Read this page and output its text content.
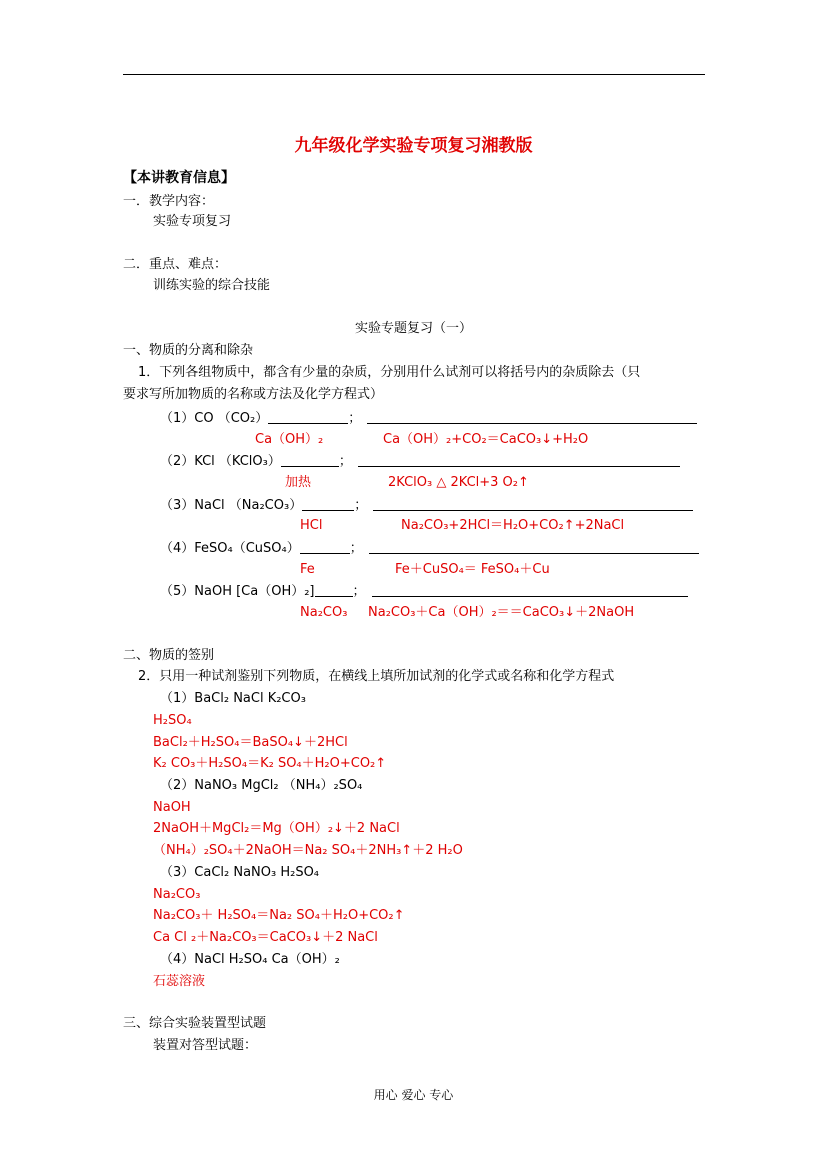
九年级化学实验专项复习湘教版
【本讲教育信息】
一．教学内容：
实验专项复习
二．重点、难点：
训练实验的综合技能
实验专题复习（一）
一、物质的分离和除杂
1．下列各组物质中，都含有少量的杂质，分别用什么试剂可以将括号内的杂质除去（只
要求写所加物质的名称或方法及化学方程式）
（1）CO （CO₂）	；
Ca（OH）₂	Ca（OH）₂+CO₂＝CaCO₃↓+H₂O
（2）KCl （KClO₃）	；
加热	2KClO₃ △ 2KCl+3 O₂↑
（3）NaCl （Na₂CO₃）	；
HCl	Na₂CO₃+2HCl＝H₂O+CO₂↑+2NaCl
（4）FeSO₄（CuSO₄）	；
Fe	Fe＋CuSO₄＝ FeSO₄＋Cu
（5）NaOH [Ca（OH）₂]	；
Na₂CO₃ Na₂CO₃＋Ca（OH）₂＝＝CaCO₃↓＋2NaOH
二、物质的签别
2．只用一种试剂鉴别下列物质，在横线上填所加试剂的化学式或名称和化学方程式
（1）BaCl₂ NaCl K₂CO₃
H₂SO₄
BaCl₂＋H₂SO₄＝BaSO₄↓＋2HCl
K₂ CO₃＋H₂SO₄＝K₂ SO₄＋H₂O+CO₂↑
（2）NaNO₃ MgCl₂ （NH₄）₂SO₄
NaOH
2NaOH＋MgCl₂＝Mg（OH）₂↓＋2 NaCl
（NH₄）₂SO₄＋2NaOH＝Na₂ SO₄＋2NH₃↑＋2 H₂O
（3）CaCl₂ NaNO₃ H₂SO₄
Na₂CO₃
Na₂CO₃＋ H₂SO₄＝Na₂ SO₄＋H₂O+CO₂↑
Ca Cl ₂＋Na₂CO₃＝CaCO₃↓＋2 NaCl
（4）NaCl H₂SO₄ Ca（OH）₂
石蕊溶液
三、综合实验装置型试题
装置对答型试题：
用心 爱心 专心
